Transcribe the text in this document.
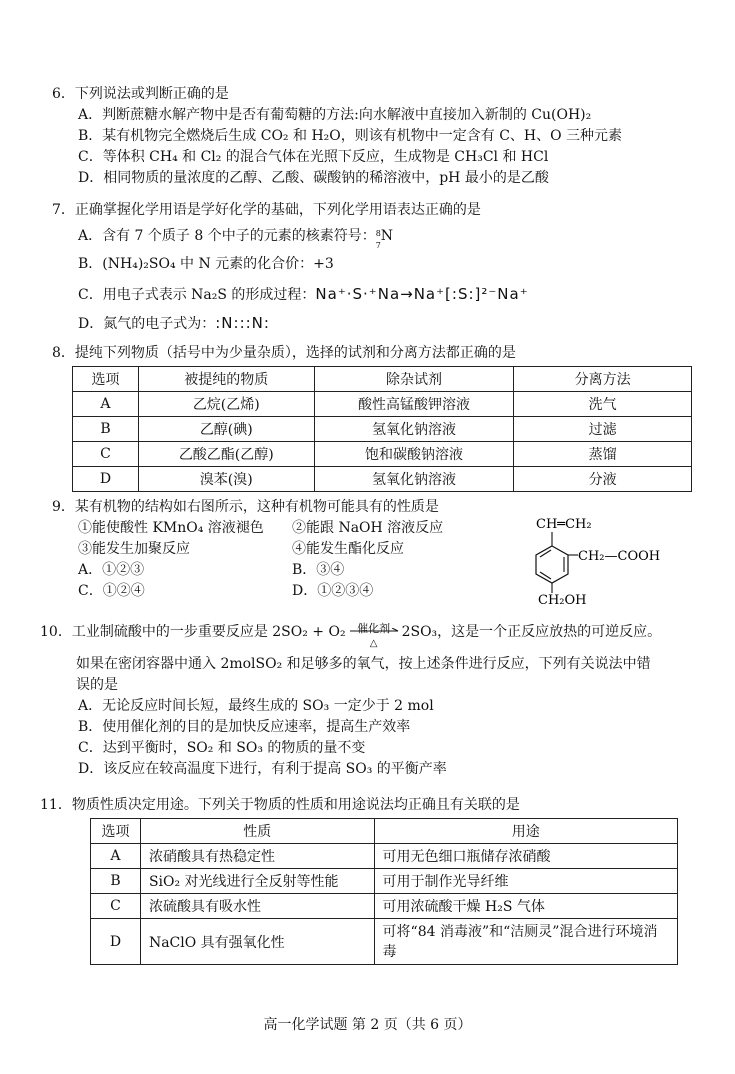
6．下列说法或判断正确的是
A．判断蔗糖水解产物中是否有葡萄糖的方法:向水解液中直接加入新制的 Cu(OH)₂
B．某有机物完全燃烧后生成 CO₂ 和 H₂O，则该有机物中一定含有 C、H、O 三种元素
C．等体积 CH₄ 和 Cl₂ 的混合气体在光照下反应，生成物是 CH₃Cl 和 HCl
D．相同物质的量浓度的乙醇、乙酸、碳酸钠的稀溶液中，pH 最小的是乙酸
7．正确掌握化学用语是学好化学的基础，下列化学用语表达正确的是
A．含有 7 个质子 8 个中子的元素的核素符号： 8
7
N
B．(NH₄)₂SO₄ 中 N 元素的化合价：+3
C．用电子式表示 Na₂S 的形成过程：Na⁺·S·⁺Na→Na⁺[:S:]²⁻Na⁺
D．氮气的电子式为：:N:::N:
8．提纯下列物质（括号中为少量杂质），选择的试剂和分离方法都正确的是
选项	被提纯的物质	除杂试剂	分离方法
A	乙烷(乙烯)	酸性高锰酸钾溶液	洗气
B	乙醇(碘)	氢氧化钠溶液	过滤
C	乙酸乙酯(乙醇)	饱和碳酸钠溶液	蒸馏
D	溴苯(溴)	氢氧化钠溶液	分液
9．某有机物的结构如右图所示，这种有机物可能具有的性质是
①能使酸性 KMnO₄ 溶液褪色	②能跟 NaOH 溶液反应
③能发生加聚反应	④能发生酯化反应
A．①②③	B．③④
C．①②④	D．①②③④
CH═CH₂
CH₂—COOH
CH₂OH
10．工业制硫酸中的一步重要反应是 2SO₂ + O₂	催化剂
△
2SO₃，这是一个正反应放热的可逆反应。
如果在密闭容器中通入 2molSO₂ 和足够多的氧气，按上述条件进行反应，下列有关说法中错
误的是
A．无论反应时间长短，最终生成的 SO₃ 一定少于 2 mol
B．使用催化剂的目的是加快反应速率，提高生产效率
C．达到平衡时，SO₂ 和 SO₃ 的物质的量不变
D．该反应在较高温度下进行，有利于提高 SO₃ 的平衡产率
11．物质性质决定用途。下列关于物质的性质和用途说法均正确且有关联的是
选项	性质	用途
A	浓硝酸具有热稳定性	可用无色细口瓶储存浓硝酸
B	SiO₂ 对光线进行全反射等性能	可用于制作光导纤维
C	浓硫酸具有吸水性	可用浓硫酸干燥 H₂S 气体
D	NaClO 具有强氧化性	可将“84 消毒液”和“洁厕灵”混合进行环境消毒
高一化学试题 第 2 页（共 6 页）
